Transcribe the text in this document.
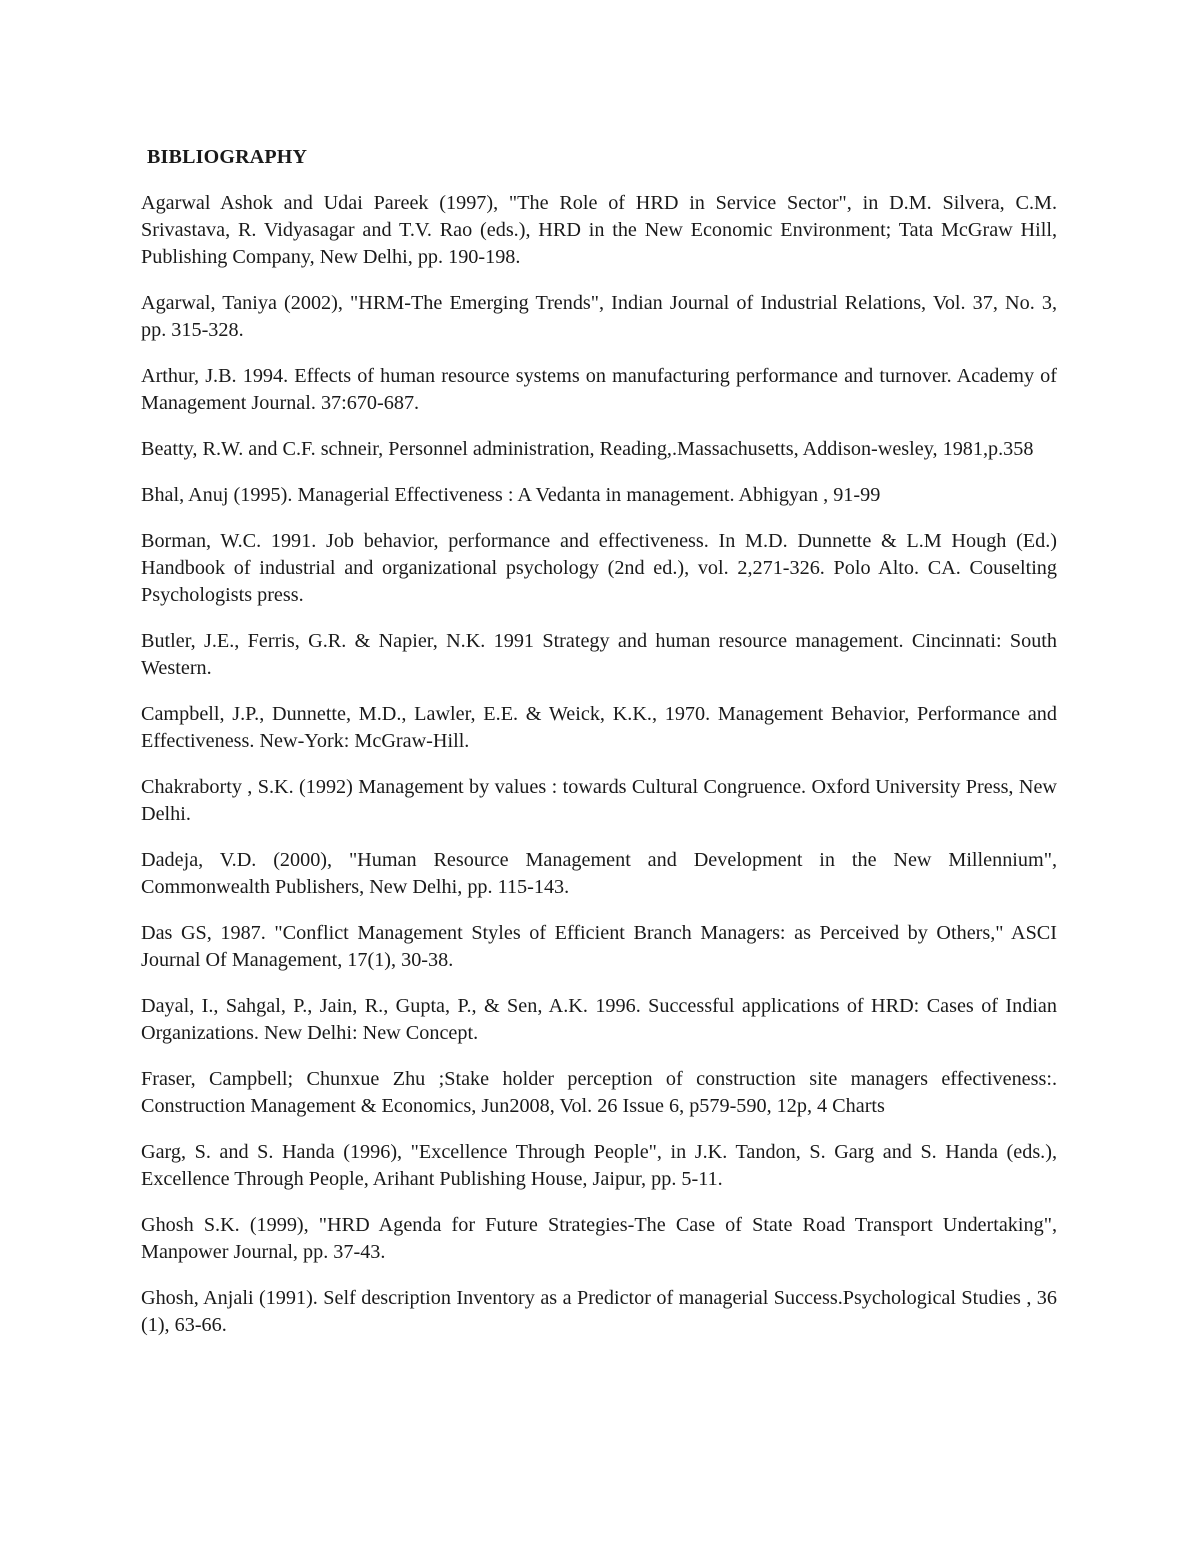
BIBLIOGRAPHY
Agarwal Ashok and Udai Pareek (1997), "The Role of HRD in Service Sector", in D.M. Silvera, C.M. Srivastava, R. Vidyasagar and T.V. Rao (eds.), HRD in the New Economic Environment; Tata McGraw Hill, Publishing Company, New Delhi, pp. 190-198.
Agarwal, Taniya (2002), "HRM-The Emerging Trends", Indian Journal of Industrial Relations, Vol. 37, No. 3, pp. 315-328.
Arthur, J.B. 1994. Effects of human resource systems on manufacturing performance and turnover. Academy of Management Journal. 37:670-687.
Beatty, R.W. and C.F. schneir, Personnel administration, Reading,.Massachusetts, Addison-wesley, 1981,p.358
Bhal, Anuj (1995). Managerial Effectiveness : A Vedanta in management. Abhigyan , 91-99
Borman, W.C. 1991. Job behavior, performance and effectiveness. In M.D. Dunnette & L.M Hough (Ed.) Handbook of industrial and organizational psychology (2nd ed.), vol. 2,271-326. Polo Alto. CA. Couselting Psychologists press.
Butler, J.E., Ferris, G.R. & Napier, N.K. 1991 Strategy and human resource management. Cincinnati: South Western.
Campbell, J.P., Dunnette, M.D., Lawler, E.E. & Weick, K.K., 1970. Management Behavior, Performance and Effectiveness. New-York: McGraw-Hill.
Chakraborty , S.K. (1992) Management by values : towards Cultural Congruence. Oxford University Press, New Delhi.
Dadeja, V.D. (2000), "Human Resource Management and Development in the New Millennium", Commonwealth Publishers, New Delhi, pp. 115-143.
Das GS, 1987. "Conflict Management Styles of Efficient Branch Managers: as Perceived by Others," ASCI Journal Of Management, 17(1), 30-38.
Dayal, I., Sahgal, P., Jain, R., Gupta, P., & Sen, A.K. 1996. Successful applications of HRD: Cases of Indian Organizations. New Delhi: New Concept.
Fraser, Campbell; Chunxue Zhu ;Stake holder perception of construction site managers effectiveness:. Construction Management & Economics, Jun2008, Vol. 26 Issue 6, p579-590, 12p, 4 Charts
Garg, S. and S. Handa (1996), "Excellence Through People", in J.K. Tandon, S. Garg and S. Handa (eds.), Excellence Through People, Arihant Publishing House, Jaipur, pp. 5-11.
Ghosh S.K. (1999), "HRD Agenda for Future Strategies-The Case of State Road Transport Undertaking", Manpower Journal, pp. 37-43.
Ghosh, Anjali (1991). Self description Inventory as a Predictor of managerial Success.Psychological Studies , 36 (1), 63-66.
